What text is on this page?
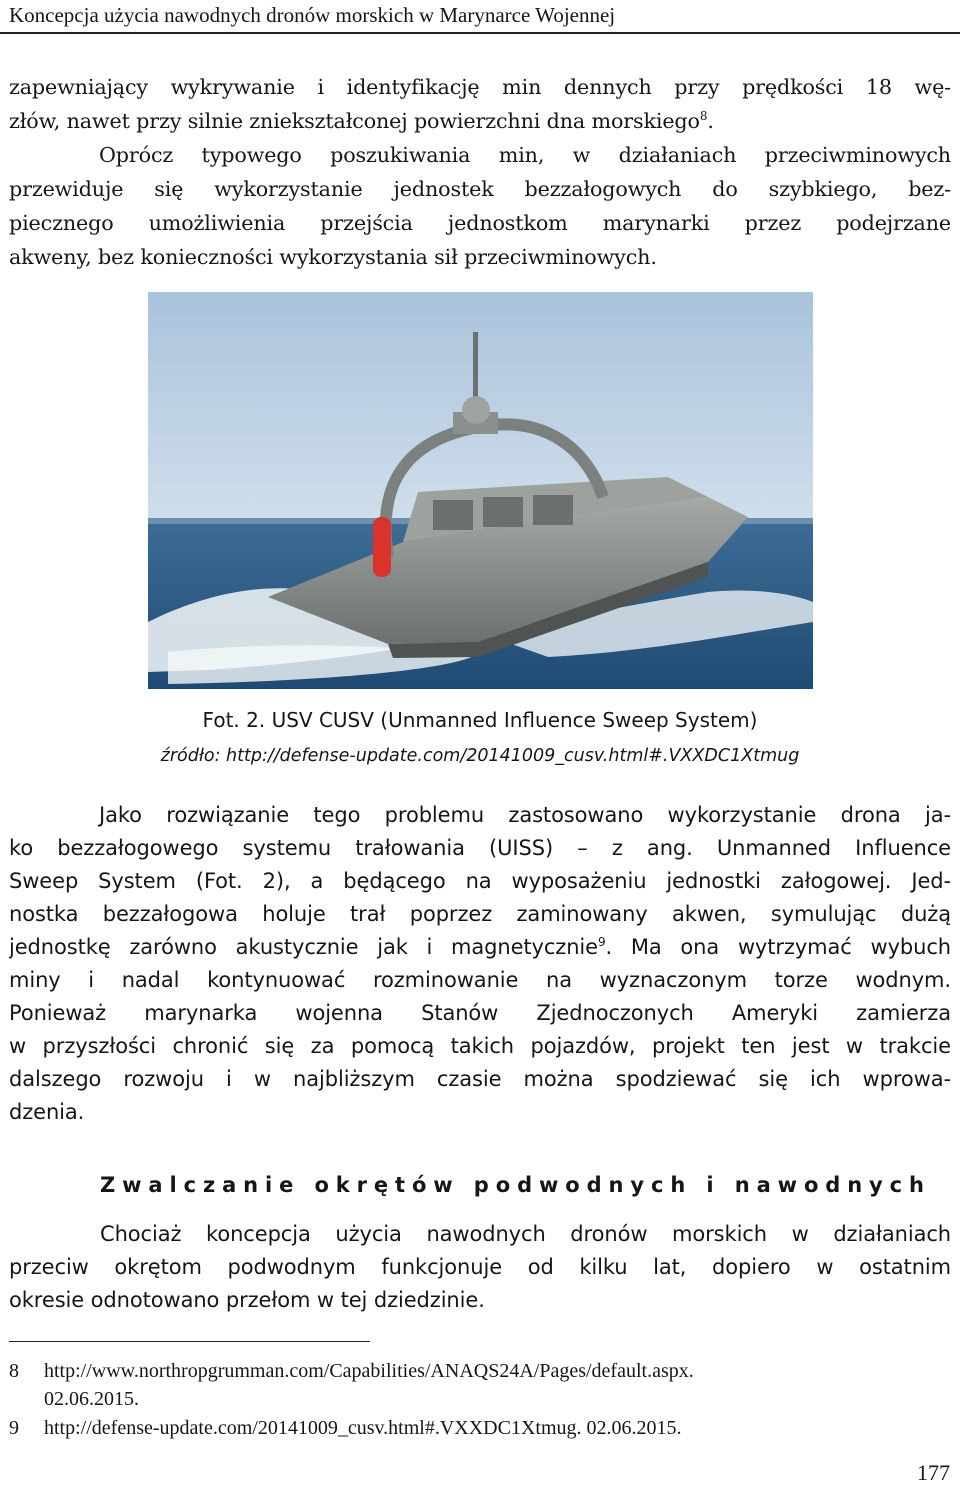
Koncepcja użycia nawodnych dronów morskich w Marynarce Wojennej
zapewniający wykrywanie i identyfikację min dennych przy prędkości 18 wę-
złów, nawet przy silnie zniekształconej powierzchni dna morskiego$^8$.
Oprócz typowego poszukiwania min, w działaniach przeciwminowych
przewiduje się wykorzystanie jednostek bezzałogowych do szybkiego, bez-
piecznego umożliwienia przejścia jednostkom marynarki przez podejrzane
akweny, bez konieczności wykorzystania sił przeciwminowych.
Fot. 2. USV CUSV (Unmanned Influence Sweep System)
źródło: http://defense-update.com/20141009_cusv.html#.VXXDC1Xtmug
Jako rozwiązanie tego problemu zastosowano wykorzystanie drona ja-
ko bezzałogowego systemu trałowania (UISS) – z ang. Unmanned Influence
Sweep System (Fot. 2), a będącego na wyposażeniu jednostki załogowej. Jed-
nostka bezzałogowa holuje trał poprzez zaminowany akwen, symulując dużą
jednostkę zarówno akustycznie jak i magnetycznie$^9$. Ma ona wytrzymać wybuch
miny i nadal kontynuować rozminowanie na wyznaczonym torze wodnym.
Ponieważ marynarka wojenna Stanów Zjednoczonych Ameryki zamierza
w przyszłości chronić się za pomocą takich pojazdów, projekt ten jest w trakcie
dalszego rozwoju i w najbliższym czasie można spodziewać się ich wprowa-
dzenia.
Zwalczanie okrętów podwodnych i nawodnych
Chociaż koncepcja użycia nawodnych dronów morskich w działaniach
przeciw okrętom podwodnym funkcjonuje od kilku lat, dopiero w ostatnim
okresie odnotowano przełom w tej dziedzinie.
8	http://www.northropgrumman.com/Capabilities/ANAQS24A/Pages/default.aspx.
02.06.2015.
9	http://defense-update.com/20141009_cusv.html#.VXXDC1Xtmug. 02.06.2015.
177
